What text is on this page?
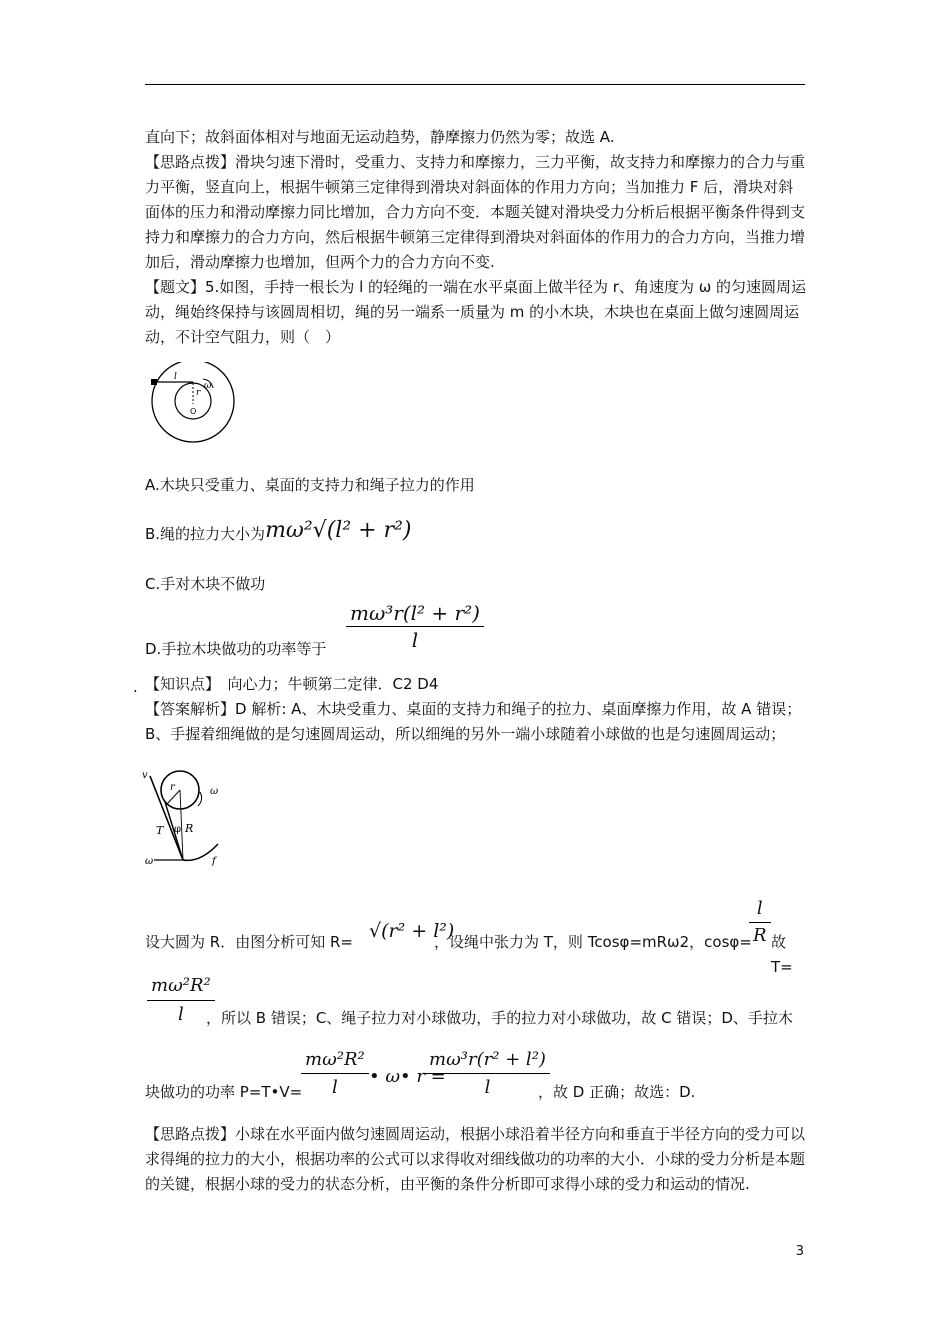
直向下；故斜面体相对与地面无运动趋势，静摩擦力仍然为零；故选 A.
【思路点拨】滑块匀速下滑时，受重力、支持力和摩擦力，三力平衡，故支持力和摩擦力的合力与重力平衡，竖直向上，根据牛顿第三定律得到滑块对斜面体的作用力方向；当加推力 F 后，滑块对斜面体的压力和滑动摩擦力同比增加，合力方向不变．本题关键对滑块受力分析后根据平衡条件得到支持力和摩擦力的合力方向，然后根据牛顿第三定律得到滑块对斜面体的作用力的合力方向，当推力增加后，滑动摩擦力也增加，但两个力的合力方向不变.
【题文】5.如图，手持一根长为 l 的轻绳的一端在水平桌面上做半径为 r、角速度为 ω 的匀速圆周运动，绳始终保持与该圆周相切，绳的另一端系一质量为 m 的小木块，木块也在桌面上做匀速圆周运动，不计空气阻力，则（　）
l
ω
r
O
A.木块只受重力、桌面的支持力和绳子拉力的作用
B.绳的拉力大小为mω²√(l² + r²)
C.手对木块不做功
D.手拉木块做功的功率等于 $\frac{\text{mω³r(l² + r²)}}{l}$
. 【知识点】　向心力；牛顿第二定律．C2 D4
【答案解析】D 解析: A、木块受重力、桌面的支持力和绳子的拉力、桌面摩擦力作用，故 A 错误；B、手握着细绳做的是匀速圆周运动，所以细绳的另外一端小球随着小球做的也是匀速圆周运动；
v
r	ω
T φ R
ω	f
设大圆为 R．由图分析可知 R= √(r² + l²)
，设绳中张力为 T，则 Tcosφ=mRω2，cosφ=
$\frac{l}{R}$ 故 T=
$\frac{\text{mω²R²}}{l}$
，所以 B 错误；C、绳子拉力对小球做功，手的拉力对小球做功，故 C 错误；D、手拉木
块做功的功率 P=T•V=
$\frac{\text{mω²R²}}{l}$ • ω• r =
$\frac{\text{mω³r(r² + l²)}}{l}$
，故 D 正确；故选：D.
【思路点拨】小球在水平面内做匀速圆周运动，根据小球沿着半径方向和垂直于半径方向的受力可以求得绳的拉力的大小，根据功率的公式可以求得收对细线做功的功率的大小．小球的受力分析是本题的关键，根据小球的受力的状态分析，由平衡的条件分析即可求得小球的受力和运动的情况.
3
